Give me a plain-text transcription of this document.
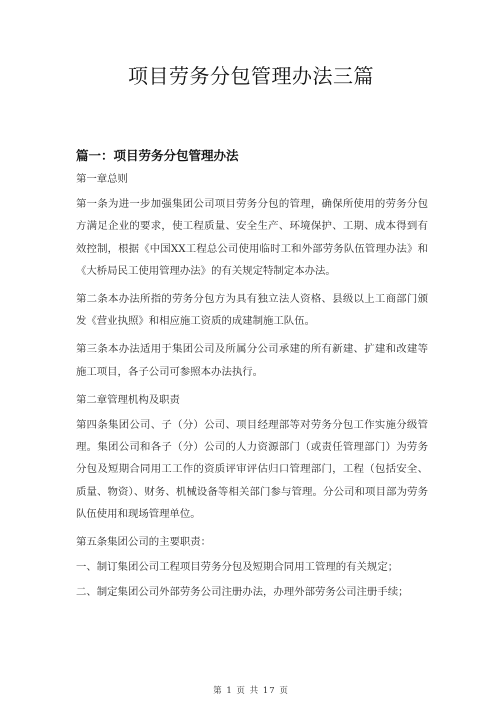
项目劳务分包管理办法三篇
篇一：项目劳务分包管理办法

第一章总则

第一条为进一步加强集团公司项目劳务分包的管理，确保所使用的劳务分包方满足企业的要求，使工程质量、安全生产、环境保护、工期、成本得到有效控制，根据《中国XX工程总公司使用临时工和外部劳务队伍管理办法》和《大桥局民工使用管理办法》的有关规定特制定本办法。

第二条本办法所指的劳务分包方为具有独立法人资格、县级以上工商部门颁发《营业执照》和相应施工资质的成建制施工队伍。

第三条本办法适用于集团公司及所属分公司承建的所有新建、扩建和改建等施工项目，各子公司可参照本办法执行。

第二章管理机构及职责

第四条集团公司、子（分）公司、项目经理部等对劳务分包工作实施分级管理。集团公司和各子（分）公司的人力资源部门（或责任管理部门）为劳务分包及短期合同用工工作的资质评审评估归口管理部门，工程（包括安全、质量、物资）、财务、机械设备等相关部门参与管理。分公司和项目部为劳务队伍使用和现场管理单位。

第五条集团公司的主要职责：

一、制订集团公司工程项目劳务分包及短期合同用工管理的有关规定；

二、制定集团公司外部劳务公司注册办法，办理外部劳务公司注册手续；

第 1 页 共 17 页
